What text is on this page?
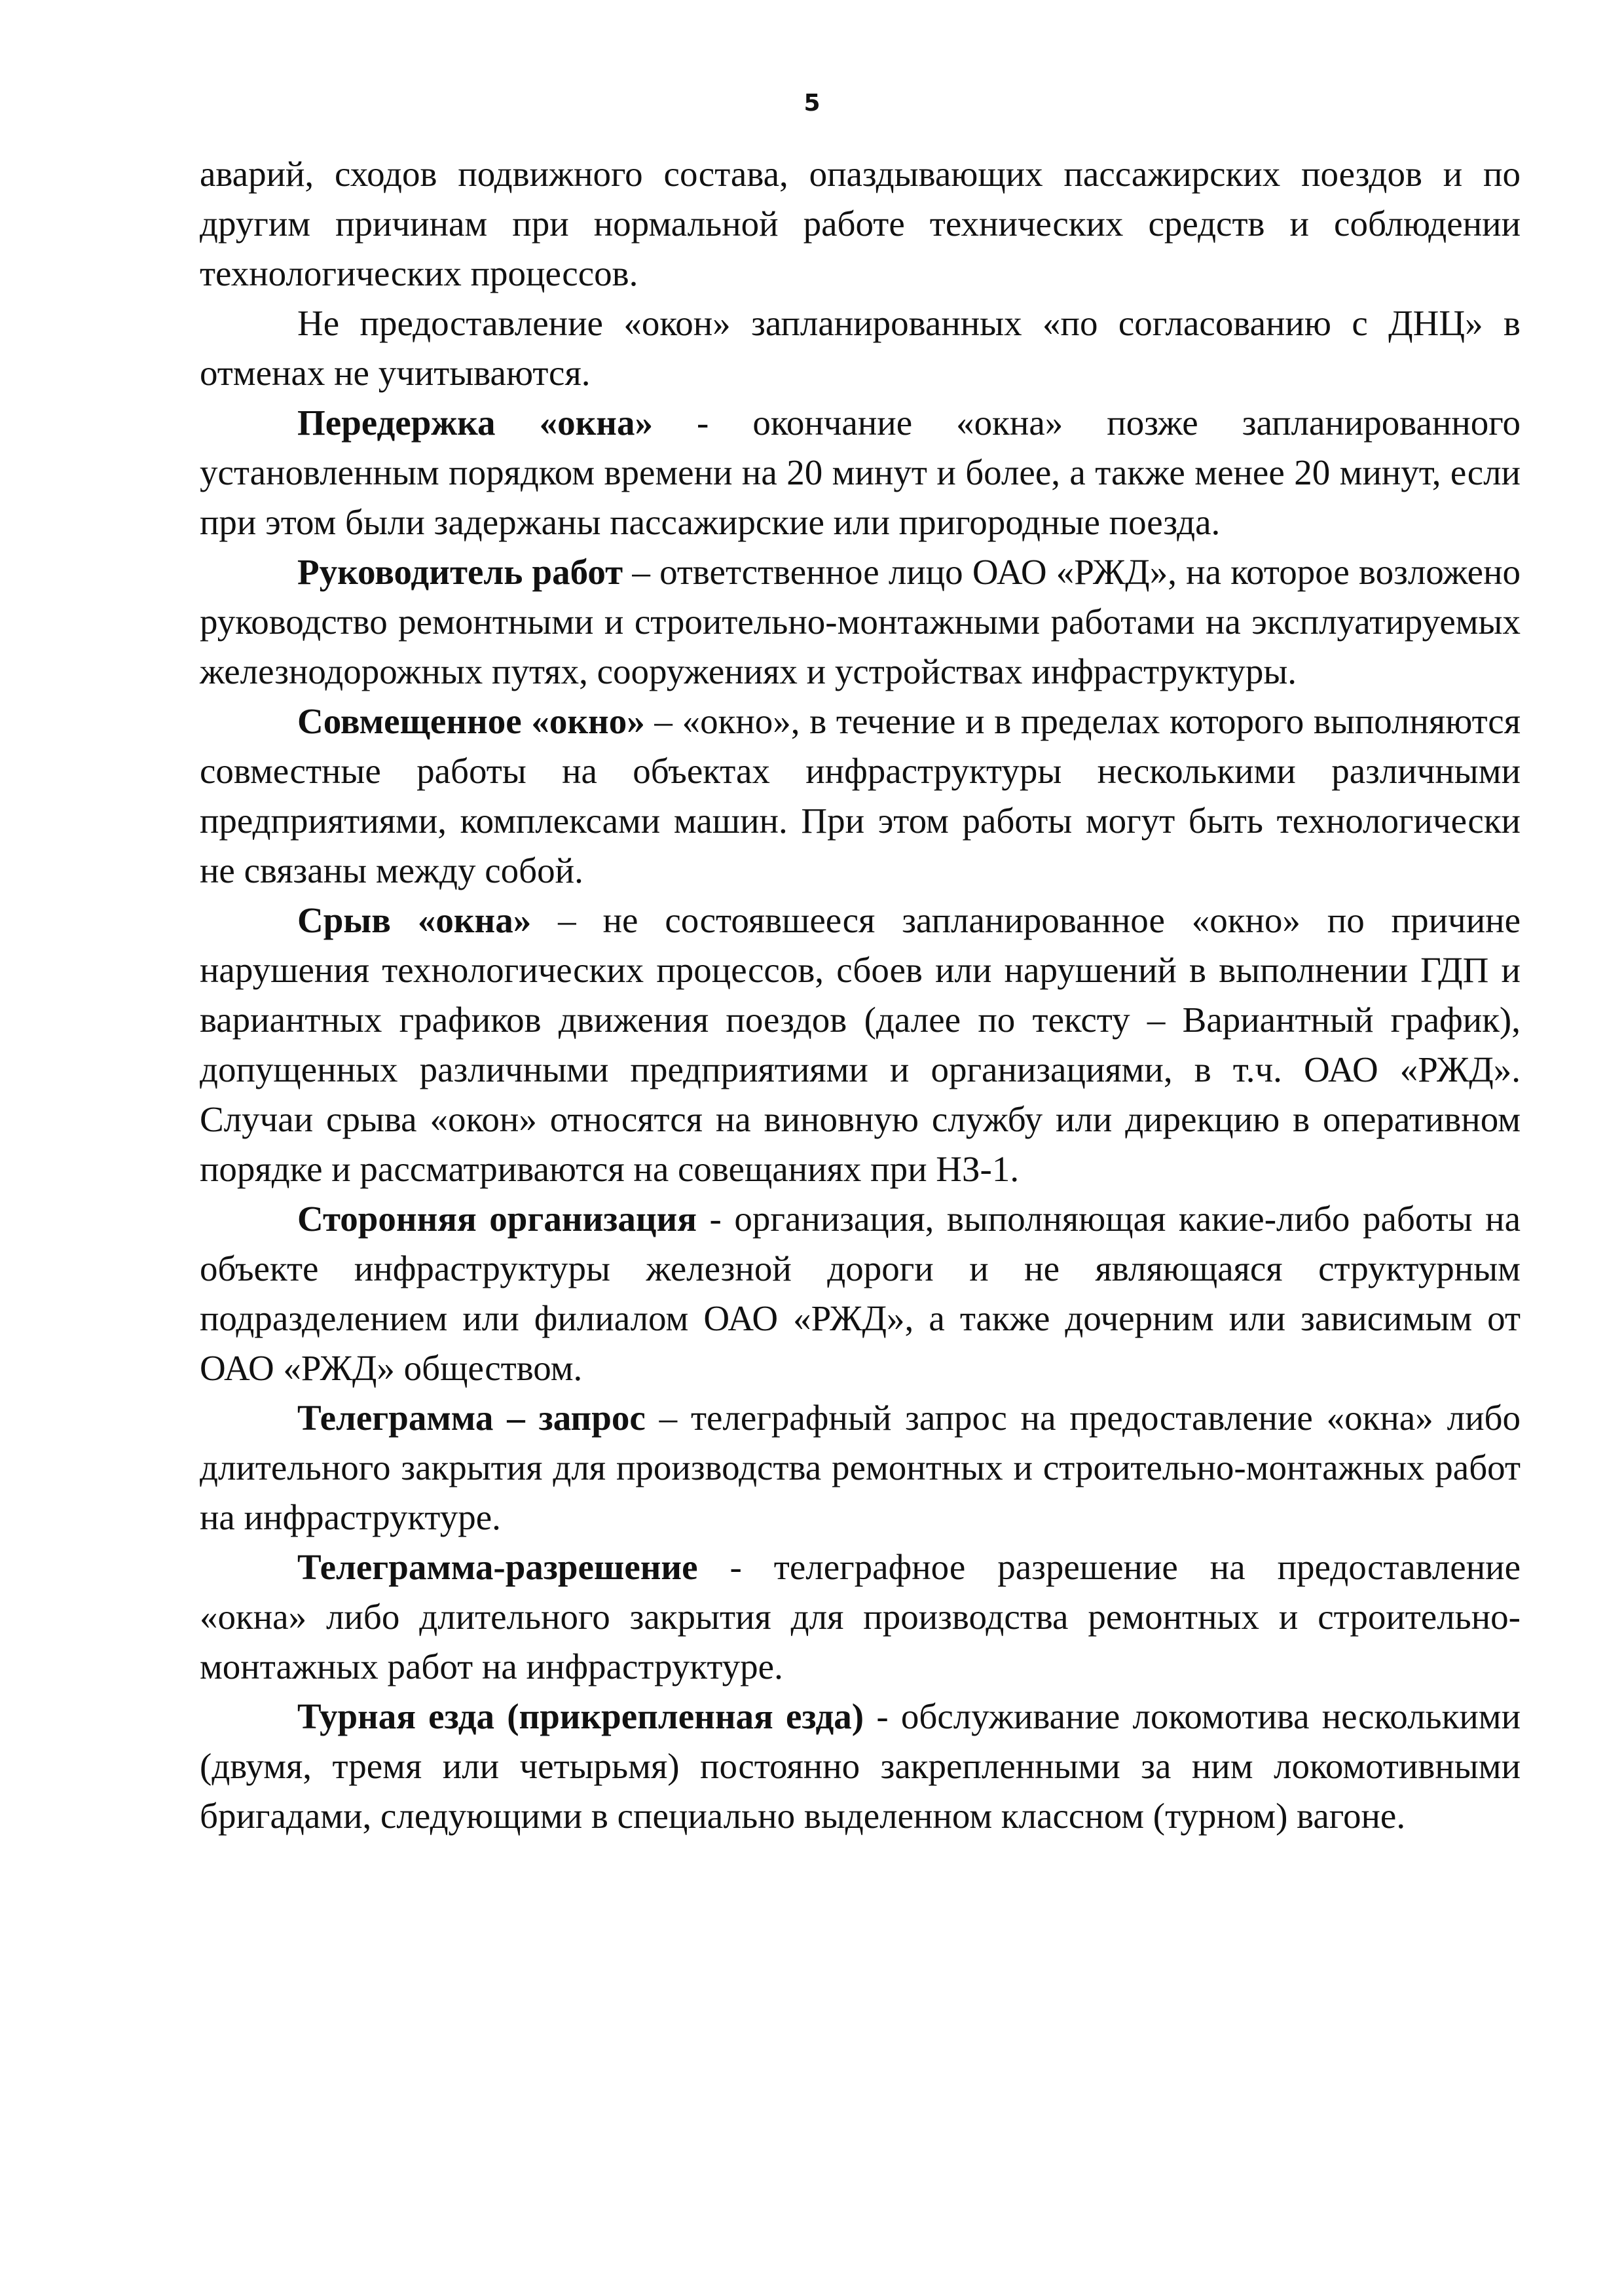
5

аварий, сходов подвижного состава, опаздывающих пассажирских поездов и по другим причинам при нормальной работе технических средств и соблюдении технологических процессов.

Не предоставление «окон» запланированных «по согласованию с ДНЦ» в отменах не учитываются.

Передержка «окна» - окончание «окна» позже запланированного установленным порядком времени на 20 минут и более, а также менее 20 минут, если при этом были задержаны пассажирские или пригородные поезда.

Руководитель работ – ответственное лицо ОАО «РЖД», на которое возложено руководство ремонтными и строительно-монтажными работами на эксплуатируемых железнодорожных путях, сооружениях и устройствах инфраструктуры.

Совмещенное «окно» – «окно», в течение и в пределах которого выполняются совместные работы на объектах инфраструктуры несколькими различными предприятиями, комплексами машин. При этом работы могут быть технологически не связаны между собой.

Срыв «окна» – не состоявшееся запланированное «окно» по причине нарушения технологических процессов, сбоев или нарушений в выполнении ГДП и вариантных графиков движения поездов (далее по тексту – Вариантный график), допущенных различными предприятиями и организациями, в т.ч. ОАО «РЖД». Случаи срыва «окон» относятся на виновную службу или дирекцию в оперативном порядке и рассматриваются на совещаниях при НЗ-1.

Сторонняя организация - организация, выполняющая какие-либо работы на объекте инфраструктуры железной дороги и не являющаяся структурным подразделением или филиалом ОАО «РЖД», а также дочерним или зависимым от ОАО «РЖД» обществом.

Телеграмма – запрос – телеграфный запрос на предоставление «окна» либо длительного закрытия для производства ремонтных и строительно-монтажных работ на инфраструктуре.

Телеграмма-разрешение - телеграфное разрешение на предоставление «окна» либо длительного закрытия для производства ремонтных и строительно-монтажных работ на инфраструктуре.

Турная езда (прикрепленная езда) - обслуживание локомотива несколькими (двумя, тремя или четырьмя) постоянно закрепленными за ним локомотивными бригадами, следующими в специально выделенном классном (турном) вагоне.
